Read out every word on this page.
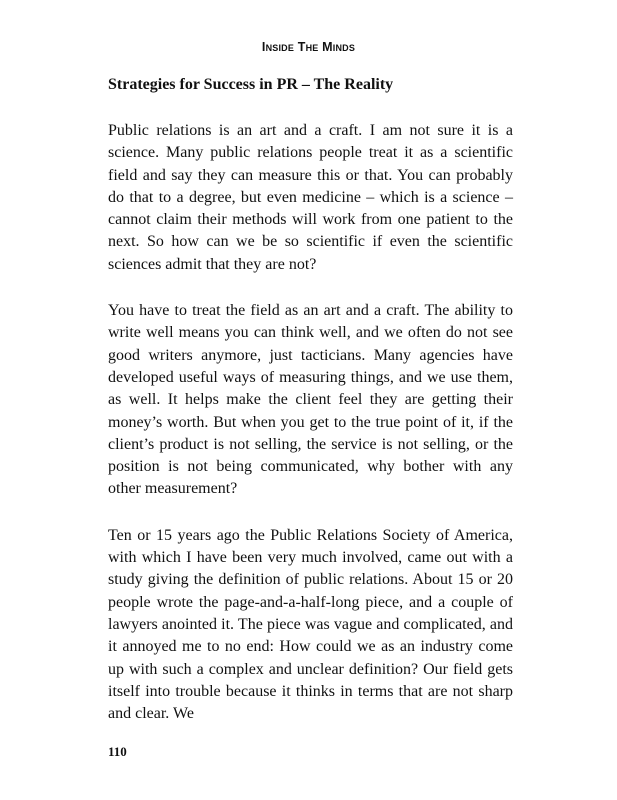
Inside The Minds
Strategies for Success in PR – The Reality

Public relations is an art and a craft. I am not sure it is a science. Many public relations people treat it as a scientific field and say they can measure this or that. You can probably do that to a degree, but even medicine – which is a science – cannot claim their methods will work from one patient to the next. So how can we be so scientific if even the scientific sciences admit that they are not?

You have to treat the field as an art and a craft. The ability to write well means you can think well, and we often do not see good writers anymore, just tacticians. Many agencies have developed useful ways of measuring things, and we use them, as well. It helps make the client feel they are getting their money’s worth. But when you get to the true point of it, if the client’s product is not selling, the service is not selling, or the position is not being communicated, why bother with any other measurement?

Ten or 15 years ago the Public Relations Society of America, with which I have been very much involved, came out with a study giving the definition of public relations. About 15 or 20 people wrote the page-and-a-half-long piece, and a couple of lawyers anointed it. The piece was vague and complicated, and it annoyed me to no end: How could we as an industry come up with such a complex and unclear definition? Our field gets itself into trouble because it thinks in terms that are not sharp and clear. We

110
